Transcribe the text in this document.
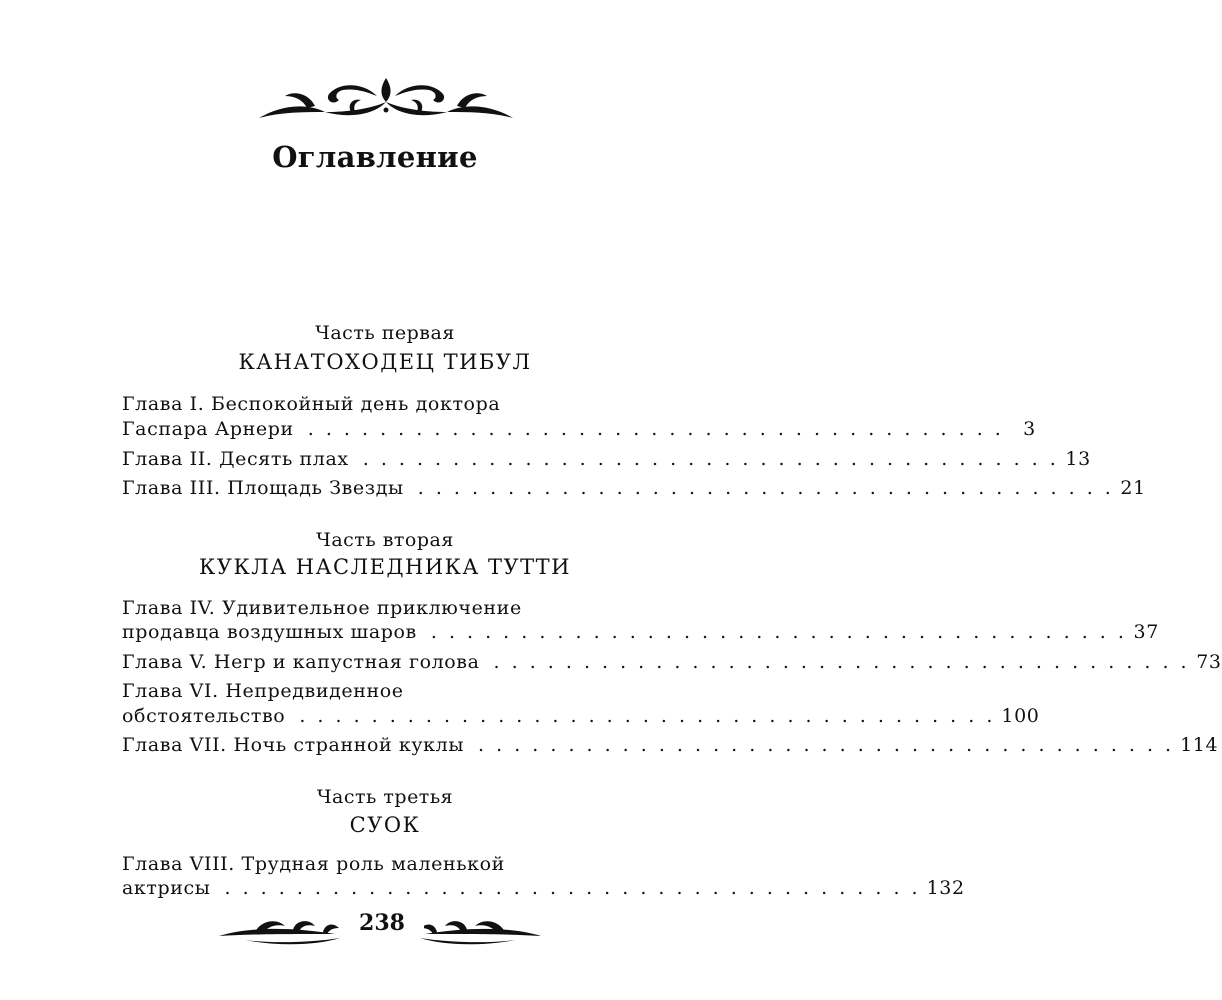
Оглавление
Часть первая
КАНАТОХОДЕЦ ТИБУЛ
Глава I. Беспокойный день доктора
Гаспара Арнери . . . . . . . . . . . . . . . . . . . . . . . . . . . . . . . . . . . . . . .	3
Глава II. Десять плах . . . . . . . . . . . . . . . . . . . . . . . . . . . . . . . . . . . . . . . 13
Глава III. Площадь Звезды . . . . . . . . . . . . . . . . . . . . . . . . . . . . . . . . . . . . . . . 21
Часть вторая
КУКЛА НАСЛЕДНИКА ТУТТИ
Глава IV. Удивительное приключение
продавца воздушных шаров . . . . . . . . . . . . . . . . . . . . . . . . . . . . . . . . . . . . . . . 37
Глава V. Негр и капустная голова . . . . . . . . . . . . . . . . . . . . . . . . . . . . . . . . . . . . . . . 73
Глава VI. Непредвиденное
обстоятельство . . . . . . . . . . . . . . . . . . . . . . . . . . . . . . . . . . . . . . . 100
Глава VII. Ночь странной куклы . . . . . . . . . . . . . . . . . . . . . . . . . . . . . . . . . . . . . . . 114
Часть третья
СУОК
Глава VIII. Трудная роль маленькой
актрисы . . . . . . . . . . . . . . . . . . . . . . . . . . . . . . . . . . . . . . . 132
238
